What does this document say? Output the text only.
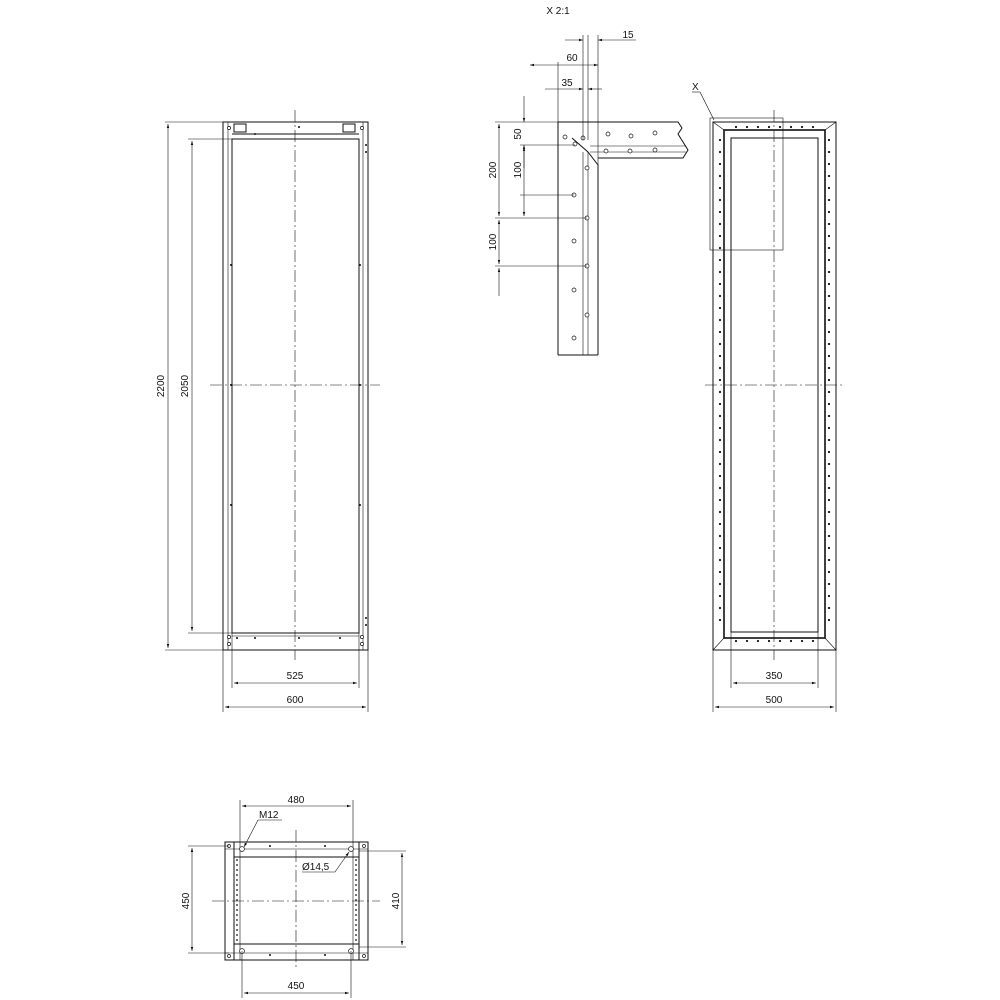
2200 2050
525
600
X 2:1
15
60
35
50
100
200
100
X
350
500
480
M12
Ø14,5
450	410
450
